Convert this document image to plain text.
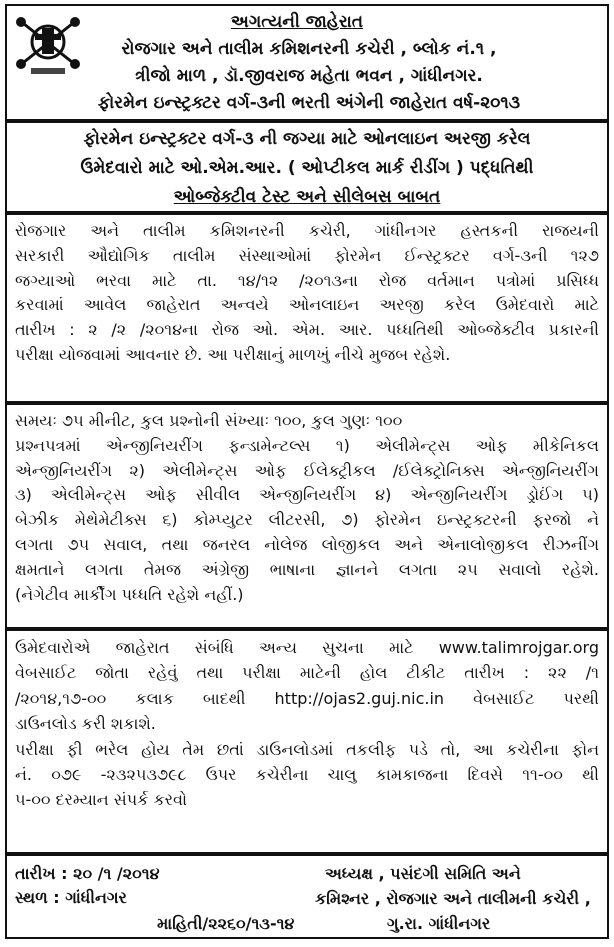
અગત્યની જાહેરાત
રોજગાર અને તાલીમ કમિશનરની કચેરી , બ્લોક નં.૧ ,
ત્રીજો માળ , ડૉ.જીવરાજ મહેતા ભવન , ગાંધીનગર.
ફોરમેન ઇન્સ્ટ્રક્ટર વર્ગ-૩ની ભરતી અંગેની જાહેરાત વર્ષ-૨૦૧૩
ફોરમેન ઇન્સ્ટ્રક્ટર વર્ગ-૩ ની જગ્યા માટે ઓનલાઇન અરજી કરેલ
ઉમેદવારો માટે ઓ.એમ.આર. ( ઓપ્ટીકલ માર્ક રીડીંગ ) પદ્ધતિથી
ઓબ્જેક્ટીવ ટેસ્ટ અને સીલેબસ બાબત
રોજગાર અને તાલીમ કમિશનરની કચેરી, ગાંધીનગર હસ્તકની રાજયની
સરકારી ઔદ્યોગિક તાલીમ સંસ્થાઓમાં ફોરમેન ઈન્સ્ટ્રક્ટર વર્ગ-૩ની ૧૨૭
જગ્યાઓ ભરવા માટે તા. ૧૪/૧૨ /૨૦૧૩ના રોજ વર્તમાન પત્રોમાં પ્રસિધ્ધ
કરવામાં આવેલ જાહેરાત અન્વયે ઓનલાઇન અરજી કરેલ ઉમેદવારો માટે
તારીખ : ૨ /૨ /૨૦૧૪ના રોજ ઓ. એમ. આર. પધ્ધતિથી ઓબ્જેક્ટીવ પ્રકારની
પરીક્ષા યોજવામાં આવનાર છે. આ પરીક્ષાનું માળખું નીચે મુજબ રહેશે.
સમયઃ ૭૫ મીનીટ, કુલ પ્રશ્નોની સંખ્યાઃ ૧૦૦, કુલ ગુણઃ ૧૦૦
પ્રશ્નપત્રમાં એન્જીનિયરીંગ ફન્ડામેન્ટલ્સ ૧) એલીમેન્ટ્સ ઓફ મીકેનિકલ
એન્જીનિયરીંગ ૨) એલીમેન્ટ્સ ઓફ ઈલેક્ટ્રીકલ /ઈલેક્ટ્રોનિક્સ એન્જીનિયરીંગ
૩) એલીમેન્ટ્સ ઓફ સીવીલ એન્જીનિયરીંગ ૪) એન્જીનિયરીંગ ડ્રોઈંગ ૫)
બેઝીક મેથેમેટીક્સ ૬) કોમ્પ્યુટર લીટરસી, ૭) ફોરમેન ઇન્સ્ટ્રક્ટરની ફરજો ને
લગતા ૭૫ સવાલ, તથા જનરલ નોલેજ લોજીકલ અને એનાલોજીકલ રીઝનીંગ
ક્ષમતાને લગતા તેમજ અંગ્રેજી ભાષાના જ્ઞાનને લગતા ૨૫ સવાલો રહેશે.
(નેગેટીવ માર્કીંગ પધ્ધતિ રહેશે નહીં.)
ઉમેદવારોએ જાહેરાત સંબંધિ અન્ય સુચના માટે www.talimrojgar.org
વેબસાઈટ જોતા રહેવું તથા પરીક્ષા માટેની હોલ ટીકીટ તારીખ : ૨૨ /૧
/૨૦૧૪,૧૭-૦૦ કલાક બાદથી http://ojas2.guj.nic.in વેબસાઈટ પરથી
ડાઉનલોડ કરી શકાશે.
પરીક્ષા ફી ભરેલ હોય તેમ છતાં ડાઉનલોડમાં તકલીફ પડે તો, આ કચેરીના ફોન
નં. ૦૭૯ -૨૩૨૫૩૭૯૮ ઉપર કચેરીના ચાલુ કામકાજના દિવસે ૧૧-૦૦ થી
૫-૦૦ દરમ્યાન સંપર્ક કરવો
તારીખ : ૨૦ /૧ /૨૦૧૪
સ્થળ : ગાંધીનગર
અધ્યક્ષ , પસંદગી સમિતિ અને
કમિશ્નર , રોજગાર અને તાલીમની કચેરી ,
ગુ.રા. ગાંધીનગર
માહિતી/૨૨૬૦/૧૩-૧૪
